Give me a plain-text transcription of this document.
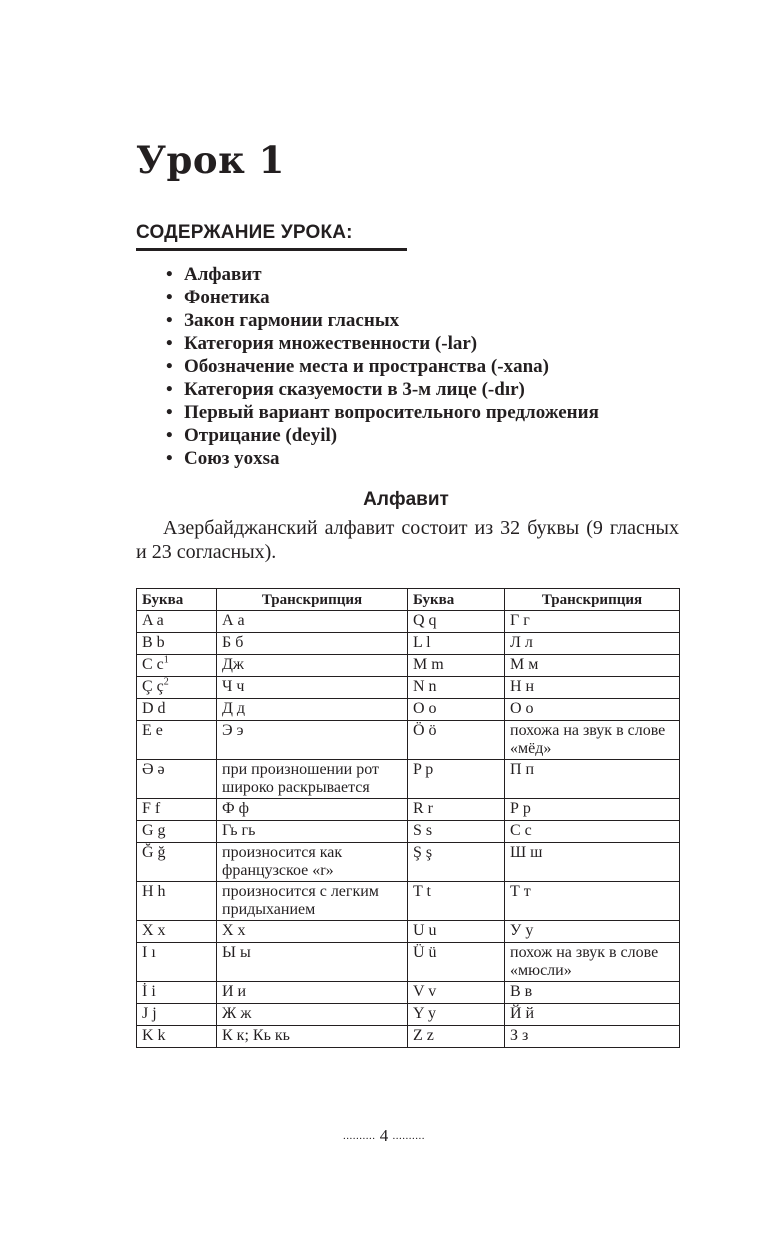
Урок 1
СОДЕРЖАНИЕ УРОКА:
• Алфавит
• Фонетика
• Закон гармонии гласных
• Категория множественности (-lar)
• Обозначение места и пространства (-xana)
• Категория сказуемости в 3-м лице (-dır)
• Первый вариант вопросительного предложения
• Отрицание (deyil)
• Союз yoxsa
Алфавит

Азербайджанский алфавит состоит из 32 буквы (9 гласных и 23 согласных).

Буква	Транскрипция	Буква	Транскрипция
A a	А а	Q q	Г г
B b	Б б	L l	Л л
C $c^1$	Дж	M m	М м
Ç $ç^2$	Ч ч	N n	Н н
D d	Д д	O o	О о
E e	Э э	Ö ö	похожа на звук в слове «мёд»
Ə ə	при произношении рот широко раскрывается	P p	П п
F f	Ф ф	R r	Р р
G g	Гь гь	S s	С с
Ğ ğ	произносится как французское «r»	Ş ş	Ш ш
H h	произносится с легким придыханием	T t	Т т
X x	Х х	U u	У у
I ı	Ы ы	Ü ü	похож на звук в слове «мюсли»
İ i	И и	V v	В в
J j	Ж ж	Y y	Й й
K k	К к; Кь кь	Z z	З з
.......... 4 ..........
